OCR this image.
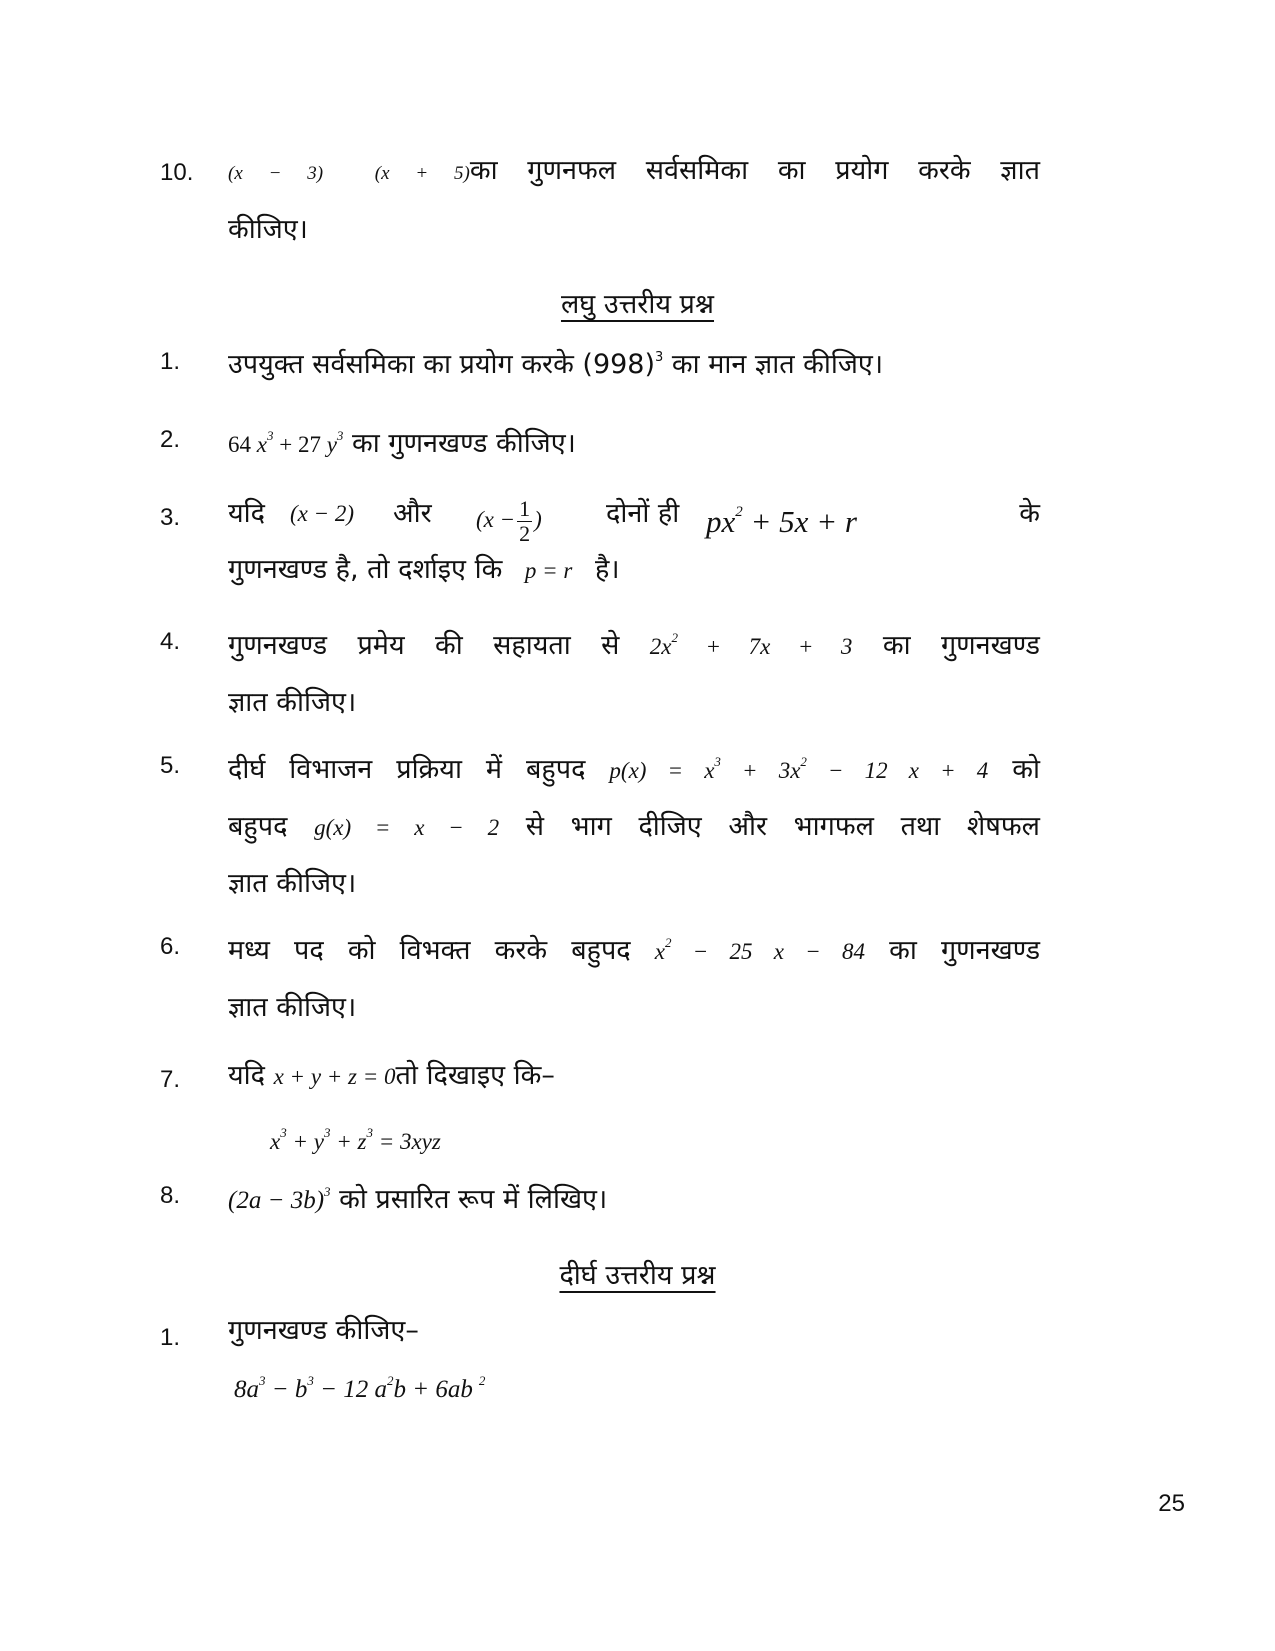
10. (x − 3)  (x + 5)का गुणनफल सर्वसमिका का प्रयोग करके ज्ञात
कीजिए।
लघु उत्तरीय प्रश्न
1. उपयुक्त सर्वसमिका का प्रयोग करके $(998)^3$ का मान ज्ञात कीजिए।
2. 64 $x^3 + 27$ $y^3$ का गुणनखण्ड कीजिए।
3. यदि (x − 2) और ($x - \frac{1}{2}$ ) दोनों ही $px^2 + 5x + r$	के
गुणनखण्ड है, तो दर्शाइए कि p = r है।
4. गुणनखण्ड प्रमेय की सहायता से $2x^2 + 7x + 3$ का गुणनखण्ड
ज्ञात कीजिए।
5. दीर्घ विभाजन प्रक्रिया में बहुपद $p(x) = x^3 + 3x^2 - 12$ x + 4 को
बहुपद g(x) = x − 2 से भाग दीजिए और भागफल तथा शेषफल
ज्ञात कीजिए।
6. मध्य पद को विभक्त करके बहुपद $x^2 - 25$ x − 84 का गुणनखण्ड
ज्ञात कीजिए।
7. यदि x + y + z = 0तो दिखाइए कि–
$x^3 + y^3 + z^3 = 3xyz$
8. $(2a - 3b)^3$ को प्रसारित रूप में लिखिए।
दीर्घ उत्तरीय प्रश्न
1. गुणनखण्ड कीजिए–
$8a^3 - b^3 - 12$ $a^2b + 6ab$ $^2$
25
